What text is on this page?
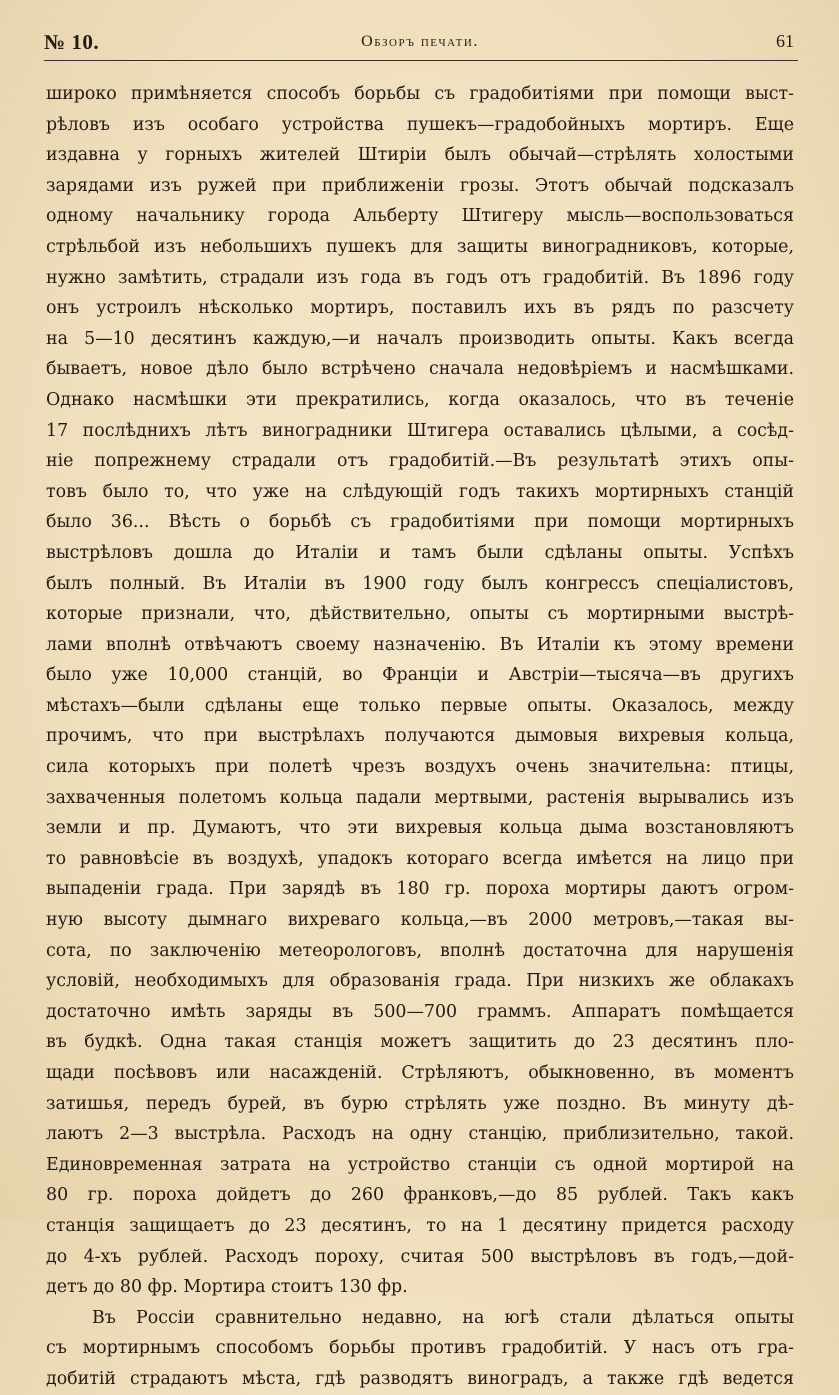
№ 10.	Обзоръ печати.	61
широко примѣняется способъ борьбы съ градобитіями при помощи выст-
рѣловъ изъ особаго устройства пушекъ—градобойныхъ мортиръ. Еще
издавна у горныхъ жителей Штиріи былъ обычай—стрѣлять холостыми
зарядами изъ ружей при приближеніи грозы. Этотъ обычай подсказалъ
одному начальнику города Альберту Штигеру мысль—воспользоваться
стрѣльбой изъ небольшихъ пушекъ для защиты виноградниковъ, которые,
нужно замѣтить, страдали изъ года въ годъ отъ градобитій. Въ 1896 году
онъ устроилъ нѣсколько мортиръ, поставилъ ихъ въ рядъ по разсчету
на 5—10 десятинъ каждую,—и началъ производить опыты. Какъ всегда
бываетъ, новое дѣло было встрѣчено сначала недовѣріемъ и насмѣшками.
Однако насмѣшки эти прекратились, когда оказалось, что въ теченіе
17 послѣднихъ лѣтъ виноградники Штигера оставались цѣлыми, а сосѣд-
ніе попрежнему страдали отъ градобитій.—Въ результатѣ этихъ опы-
товъ было то, что уже на слѣдующій годъ такихъ мортирныхъ станцій
было 36... Вѣсть о борьбѣ съ градобитіями при помощи мортирныхъ
выстрѣловъ дошла до Италіи и тамъ были сдѣланы опыты. Успѣхъ
былъ полный. Въ Италіи въ 1900 году былъ конгрессъ спеціалистовъ,
которые признали, что, дѣйствительно, опыты съ мортирными выстрѣ-
лами вполнѣ отвѣчаютъ своему назначенію. Въ Италіи къ этому времени
было уже 10,000 станцій, во Франціи и Австріи—тысяча—въ другихъ
мѣстахъ—были сдѣланы еще только первые опыты. Оказалось, между
прочимъ, что при выстрѣлахъ получаются дымовыя вихревыя кольца,
сила которыхъ при полетѣ чрезъ воздухъ очень значительна: птицы,
захваченныя полетомъ кольца падали мертвыми, растенія вырывались изъ
земли и пр. Думаютъ, что эти вихревыя кольца дыма возстановляютъ
то равновѣсіе въ воздухѣ, упадокъ котораго всегда имѣется на лицо при
выпаденіи града. При зарядѣ въ 180 гр. пороха мортиры даютъ огром-
ную высоту дымнаго вихреваго кольца,—въ 2000 метровъ,—такая вы-
сота, по заключенію метеорологовъ, вполнѣ достаточна для нарушенія
условій, необходимыхъ для образованія града. При низкихъ же облакахъ
достаточно имѣть заряды въ 500—700 граммъ. Аппаратъ помѣщается
въ будкѣ. Одна такая станція можетъ защитить до 23 десятинъ пло-
щади посѣвовъ или насажденій. Стрѣляютъ, обыкновенно, въ моментъ
затишья, передъ бурей, въ бурю стрѣлять уже поздно. Въ минуту дѣ-
лаютъ 2—3 выстрѣла. Расходъ на одну станцію, приблизительно, такой.
Единовременная затрата на устройство станціи съ одной мортирой на
80 гр. пороха дойдетъ до 260 франковъ,—до 85 рублей. Такъ какъ
станція защищаетъ до 23 десятинъ, то на 1 десятину придется расходу
до 4-хъ рублей. Расходъ пороху, считая 500 выстрѣловъ въ годъ,—дой-
детъ до 80 фр. Мортира стоитъ 130 фр.
Въ Россіи сравнительно недавно, на югѣ стали дѣлаться опыты
съ мортирнымъ способомъ борьбы противъ градобитій. У насъ отъ гра-
добитій страдаютъ мѣста, гдѣ разводятъ виноградъ, а также гдѣ ведется
